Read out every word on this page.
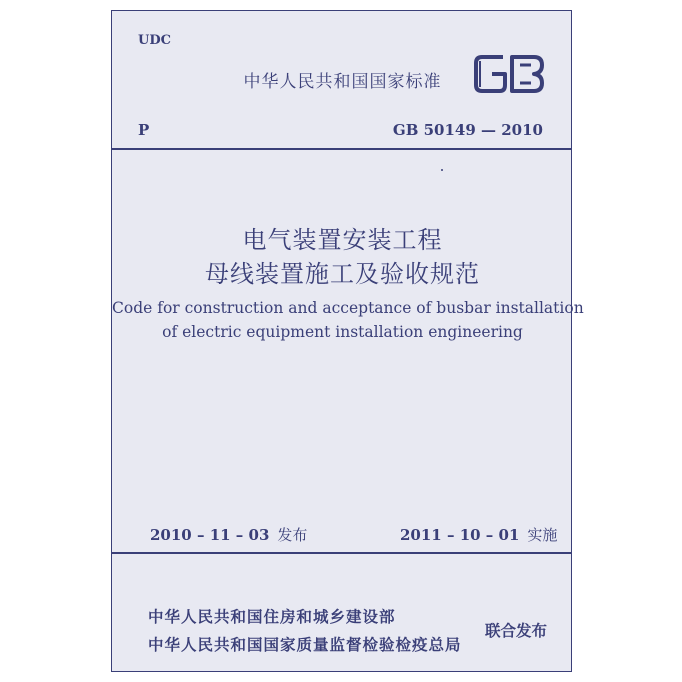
UDC
中华人民共和国国家标准
P	GB 50149 — 2010
电气装置安装工程
母线装置施工及验收规范
Code for construction and acceptance of busbar installation
of electric equipment installation engineering
2010 – 11 – 03 发布	2011 – 10 – 01 实施
中华人民共和国住房和城乡建设部
中华人民共和国国家质量监督检验检疫总局
联合发布
